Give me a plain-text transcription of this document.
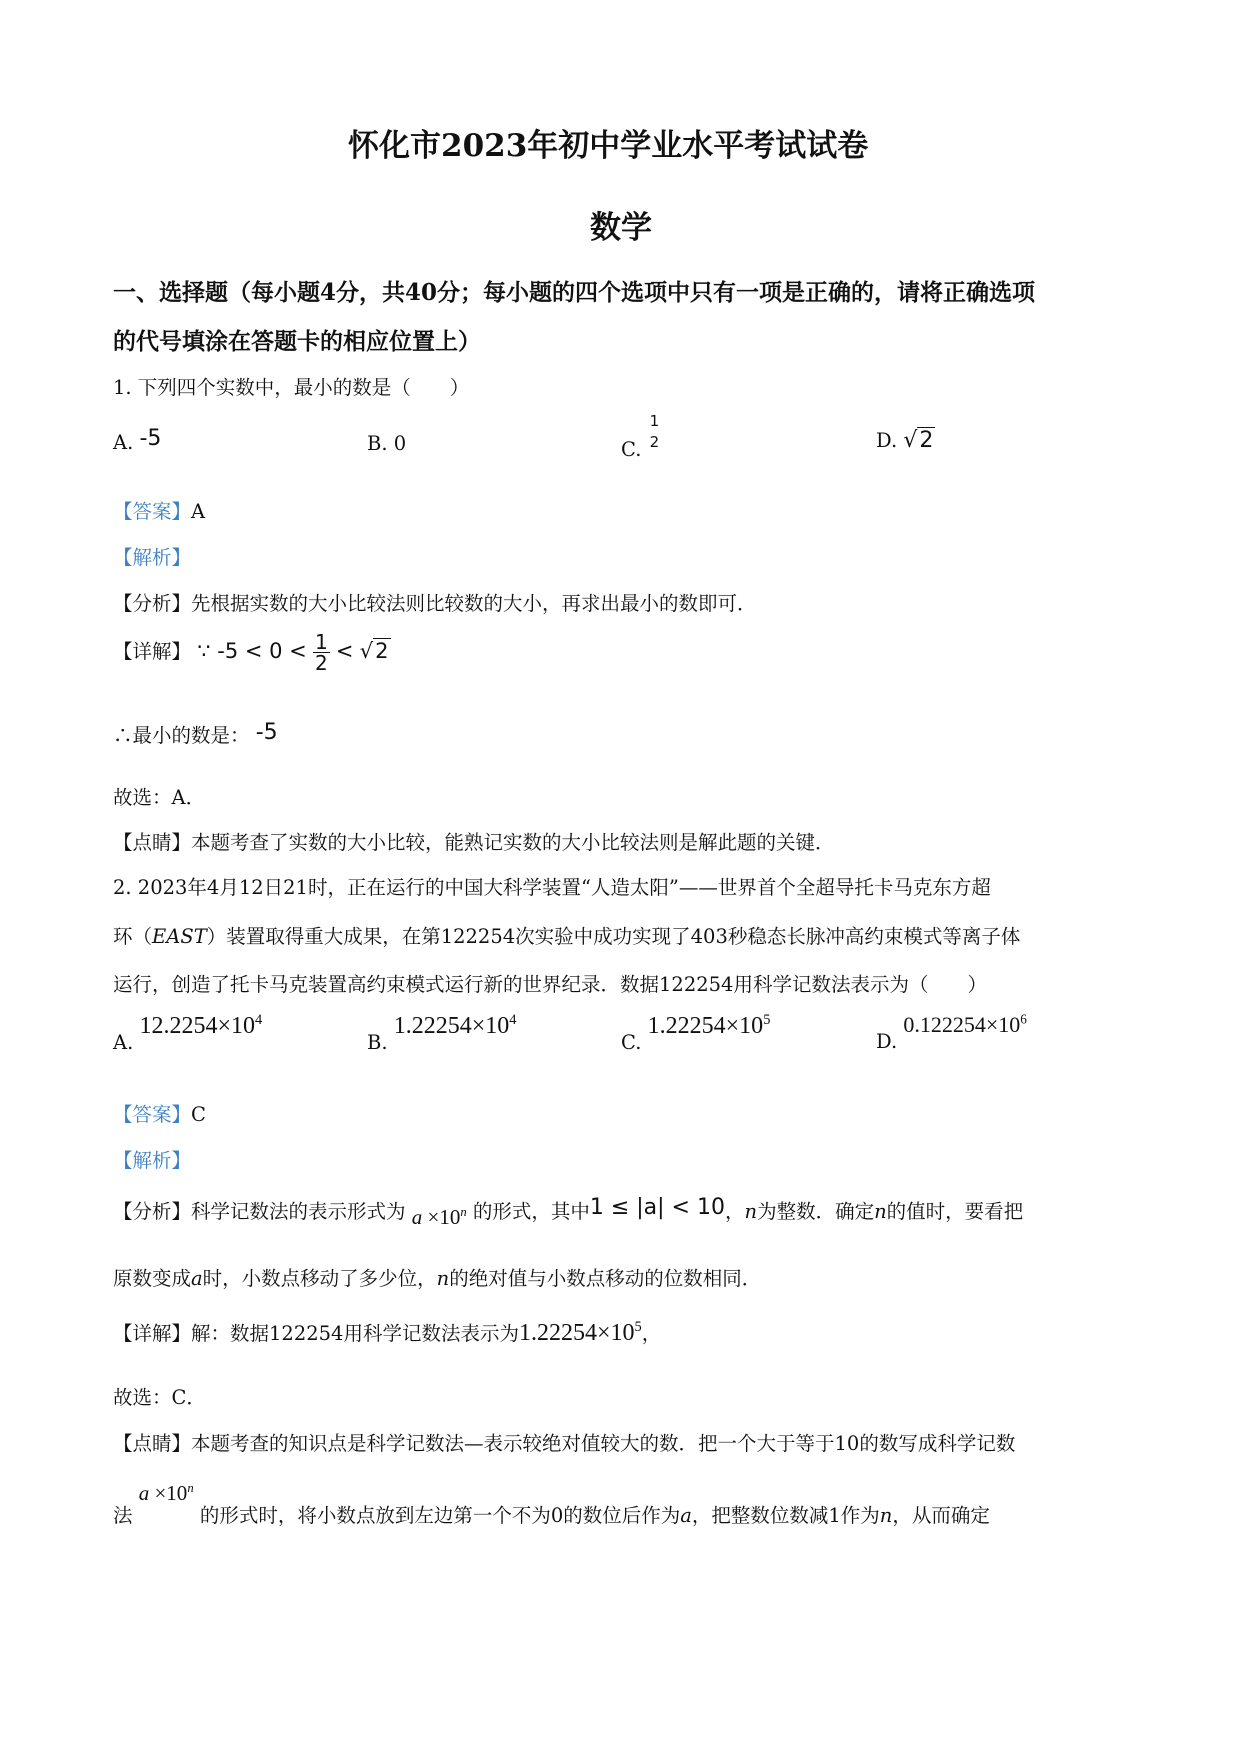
怀化市2023年初中学业水平考试试卷
数学
一、选择题（每小题4分，共40分；每小题的四个选项中只有一项是正确的，请将正确选项
的代号填涂在答题卡的相应位置上）
1. 下列四个实数中，最小的数是（　　）
A. -5	B. 0	C.
1
2	D. √2
【答案】A
【解析】
【分析】先根据实数的大小比较法则比较数的大小，再求出最小的数即可．
【详解】 ∵ $-5 < 0 < \frac{1}{2} < √2$
∴最小的数是： -5
故选：A．
【点睛】本题考查了实数的大小比较，能熟记实数的大小比较法则是解此题的关键．
2. 2023年4月12日21时，正在运行的中国大科学装置“人造太阳”——世界首个全超导托卡马克东方超
环（EAST）装置取得重大成果，在第122254次实验中成功实现了403秒稳态长脉冲高约束模式等离子体
运行，创造了托卡马克装置高约束模式运行新的世界纪录．数据122254用科学记数法表示为（　　）
A. $12.2254\times 10^4$
B. $1.22254\times 10^4$
C. $1.22254\times 10^5$
D. $0.122254\times 10^6$
【答案】C
【解析】
【分析】科学记数法的表示形式为 $a \times 10^n$ 的形式，其中1 ≤ |a| < 10，n为整数．确定n的值时，要看把
原数变成a时，小数点移动了多少位，n的绝对值与小数点移动的位数相同．
【详解】解：数据122254用科学记数法表示为$1.22254\times 10^5$，
故选：C．
【点睛】本题考查的知识点是科学记数法—表示较绝对值较大的数．把一个大于等于10的数写成科学记数
法 $a \times 10^n$ 的形式时，将小数点放到左边第一个不为0的数位后作为a，把整数位数减1作为n，从而确定
